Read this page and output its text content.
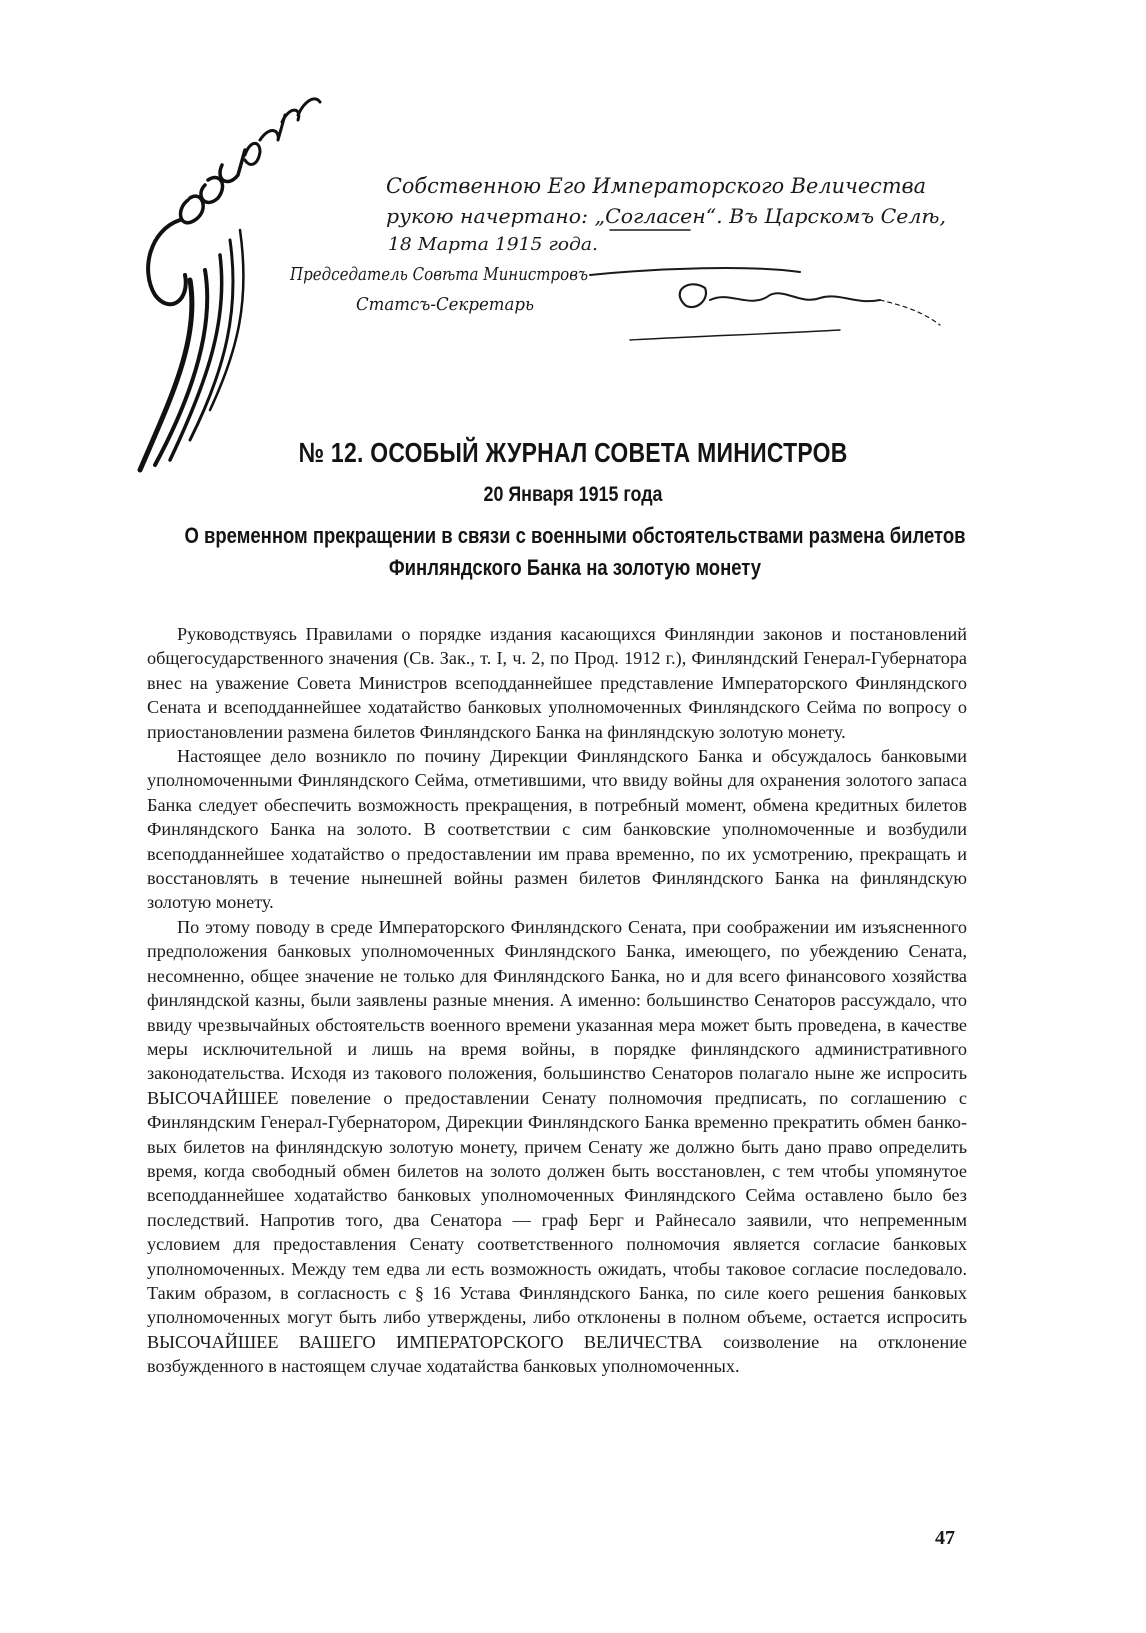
Собственною Его Императорского Величества
рукою начертано: „Согласен“. Въ Царскомъ Селѣ,
18 Марта 1915 года.
Председатель Совѣта Министровъ
Статсъ-Секретарь
№ 12. ОСОБЫЙ ЖУРНАЛ СОВЕТА МИНИСТРОВ
20 Января 1915 года
О временном прекращении в связи с военными обстоятельствами размена билетов
Финляндского Банка на золотую монету

Руководствуясь Правилами о порядке издания касающихся Финляндии законов и постановлений общегосударственного значения (Св. Зак., т. I, ч. 2, по Прод. 1912 г.), Финляндский Генерал-Губернатора внес на уважение Совета Министров всеподданнейшее представление Императорского Финляндского Сената и всеподданнейшее ходатайство банковых уполномоченных Финляндского Сейма по вопросу о приостановлении размена билетов Финляндского Банка на финляндскую золотую монету.

Настоящее дело возникло по почину Дирекции Финляндского Банка и обсуждалось банковыми уполномоченными Финляндского Сейма, отметившими, что ввиду войны для охранения золотого запаса Банка следует обеспечить возможность прекращения, в потребный момент, обмена кредитных билетов Финляндского Банка на золото. В соответствии с сим банковские уполномоченные и возбудили всеподданнейшее ходатайство о предоставлении им права временно, по их усмотрению, прекращать и восстановлять в течение нынешней войны размен билетов Финляндского Банка на финляндскую золотую монету.

По этому поводу в среде Императорского Финляндского Сената, при соображении им изъясненного предположения банковых уполномоченных Финляндского Банка, имеющего, по убеждению Сената, несомненно, общее значение не только для Финляндского Банка, но и для всего финансового хозяйства финляндской казны, были заявлены разные мнения. А именно: большинство Сенаторов рассуждало, что ввиду чрезвычайных обстоятельств военного времени указанная мера может быть проведена, в качестве меры исключительной и лишь на время войны, в порядке финляндского административного законодательства. Исходя из такового положения, большинство Сенаторов полагало ныне же испросить ВЫСОЧАЙШЕЕ повеление о предоставлении Сенату полномочия предписать, по соглашению с Финляндским Генерал-Губернатором, Дирекции Финляндского Банка временно прекратить обмен банковых билетов на финляндскую золотую монету, причем Сенату же должно быть дано право определить время, когда свободный обмен билетов на золото должен быть восстановлен, с тем чтобы упомянутое всеподданнейшее ходатайство банковых уполномоченных Финляндского Сейма оставлено было без последствий. Напротив того, два Сенатора — граф Берг и Райнесало заявили, что непременным условием для предоставления Сенату соответственного полномочия является согласие банковых уполномоченных. Между тем едва ли есть возможность ожидать, чтобы таковое согласие последовало. Таким образом, в согласность с § 16 Устава Финляндского Банка, по силе коего решения банковых уполномоченных могут быть либо утверждены, либо отклонены в полном объеме, остается испросить ВЫСОЧАЙШЕЕ ВАШЕГО ИМПЕРАТОРСКОГО ВЕЛИЧЕСТВА соизволение на отклонение возбужденного в настоящем случае ходатайства банковых уполномоченных.

47
